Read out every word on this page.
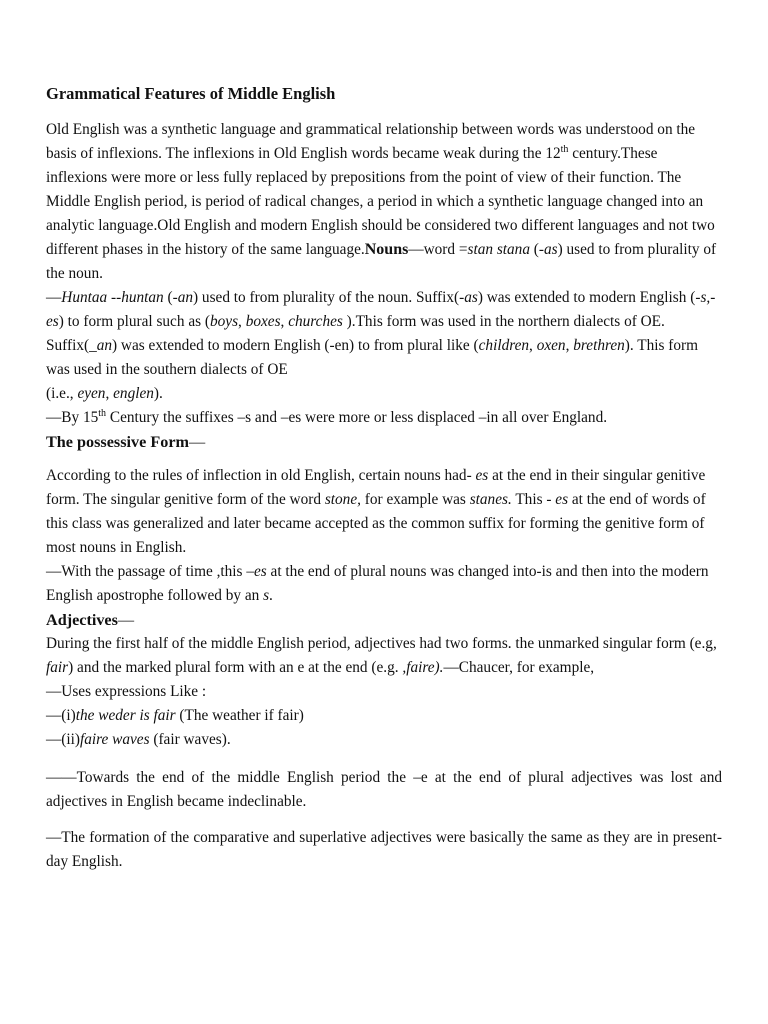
Grammatical Features of Middle English

Old English was a synthetic language and grammatical relationship between words was understood on the basis of inflexions. The inflexions in Old English words became weak during the 12th century.These inflexions were more or less fully replaced by prepositions from the point of view of their function. The Middle English period, is period of radical changes, a period in which a synthetic language changed into an analytic language.Old English and modern English should be considered two different languages and not two different phases in the history of the same language.Nouns—word =stan stana (-as) used to from plurality of the noun.

—Huntaa --huntan (-an) used to from plurality of the noun. Suffix(-as) was extended to modern English (-s,-es) to form plural such as (boys, boxes, churches ).This form was used in the northern dialects of OE. Suffix(_an) was extended to modern English (-en) to from plural like (children, oxen, brethren). This form was used in the southern dialects of OE

(i.e., eyen, englen).

—By 15th Century the suffixes –s and –es were more or less displaced –in all over England.

The possessive Form—

According to the rules of inflection in old English, certain nouns had- es at the end in their singular genitive form. The singular genitive form of the word stone, for example was stanes. This - es at the end of words of this class was generalized and later became accepted as the common suffix for forming the genitive form of most nouns in English.

—With the passage of time ,this –es at the end of plural nouns was changed into-is and then into the modern English apostrophe followed by an s.

Adjectives—

During the first half of the middle English period, adjectives had two forms. the unmarked singular form (e.g, fair) and the marked plural form with an e at the end (e.g. ,faire).—Chaucer, for example,

—Uses expressions Like :

—(i)the weder is fair (The weather if fair)

—(ii)faire waves (fair waves).

——Towards the end of the middle English period the –e at the end of plural adjectives was lost and adjectives in English became indeclinable.

—The formation of the comparative and superlative adjectives were basically the same as they are in present-day English.
